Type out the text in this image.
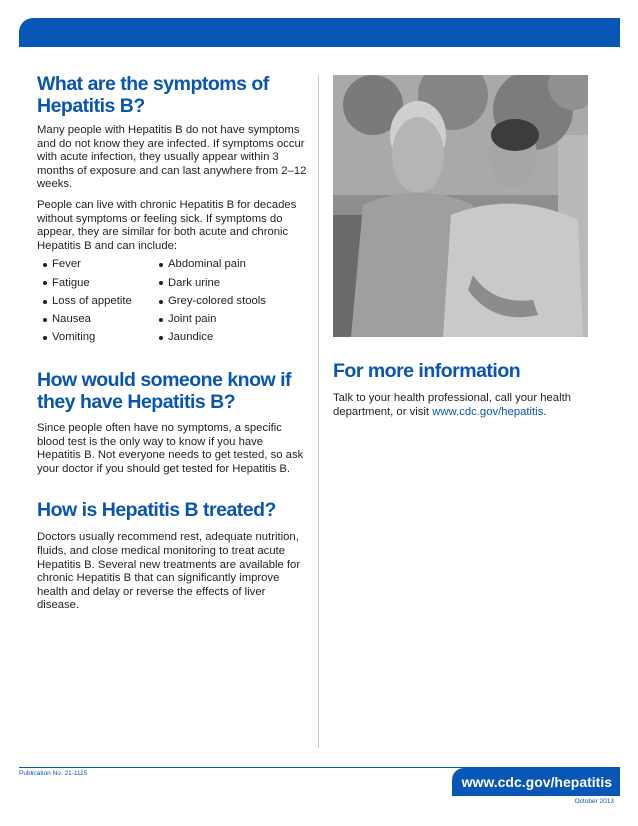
What are the symptoms of Hepatitis B?

Many people with Hepatitis B do not have symptoms and do not know they are infected. If symptoms occur with acute infection, they usually appear within 3 months of exposure and can last anywhere from 2–12 weeks.

People can live with chronic Hepatitis B for decades without symptoms or feeling sick. If symptoms do appear, they are similar for both acute and chronic Hepatitis B and can include:

Fever	Abdominal pain
Fatigue	Dark urine
Loss of appetite	Grey-colored stools
Nausea	Joint pain
Vomiting	Jaundice
How would someone know if they have Hepatitis B?

Since people often have no symptoms, a specific blood test is the only way to know if you have Hepatitis B. Not everyone needs to get tested, so ask your doctor if you should get tested for Hepatitis B.

How is Hepatitis B treated?

Doctors usually recommend rest, adequate nutrition, fluids, and close medical monitoring to treat acute Hepatitis B. Several new treatments are available for chronic Hepatitis B that can significantly improve health and delay or reverse the effects of liver disease.

For more information

Talk to your health professional, call your health department, or visit www.cdc.gov/hepatitis.

Publication No. 21-1115
www.cdc.gov/hepatitis
October 2013
